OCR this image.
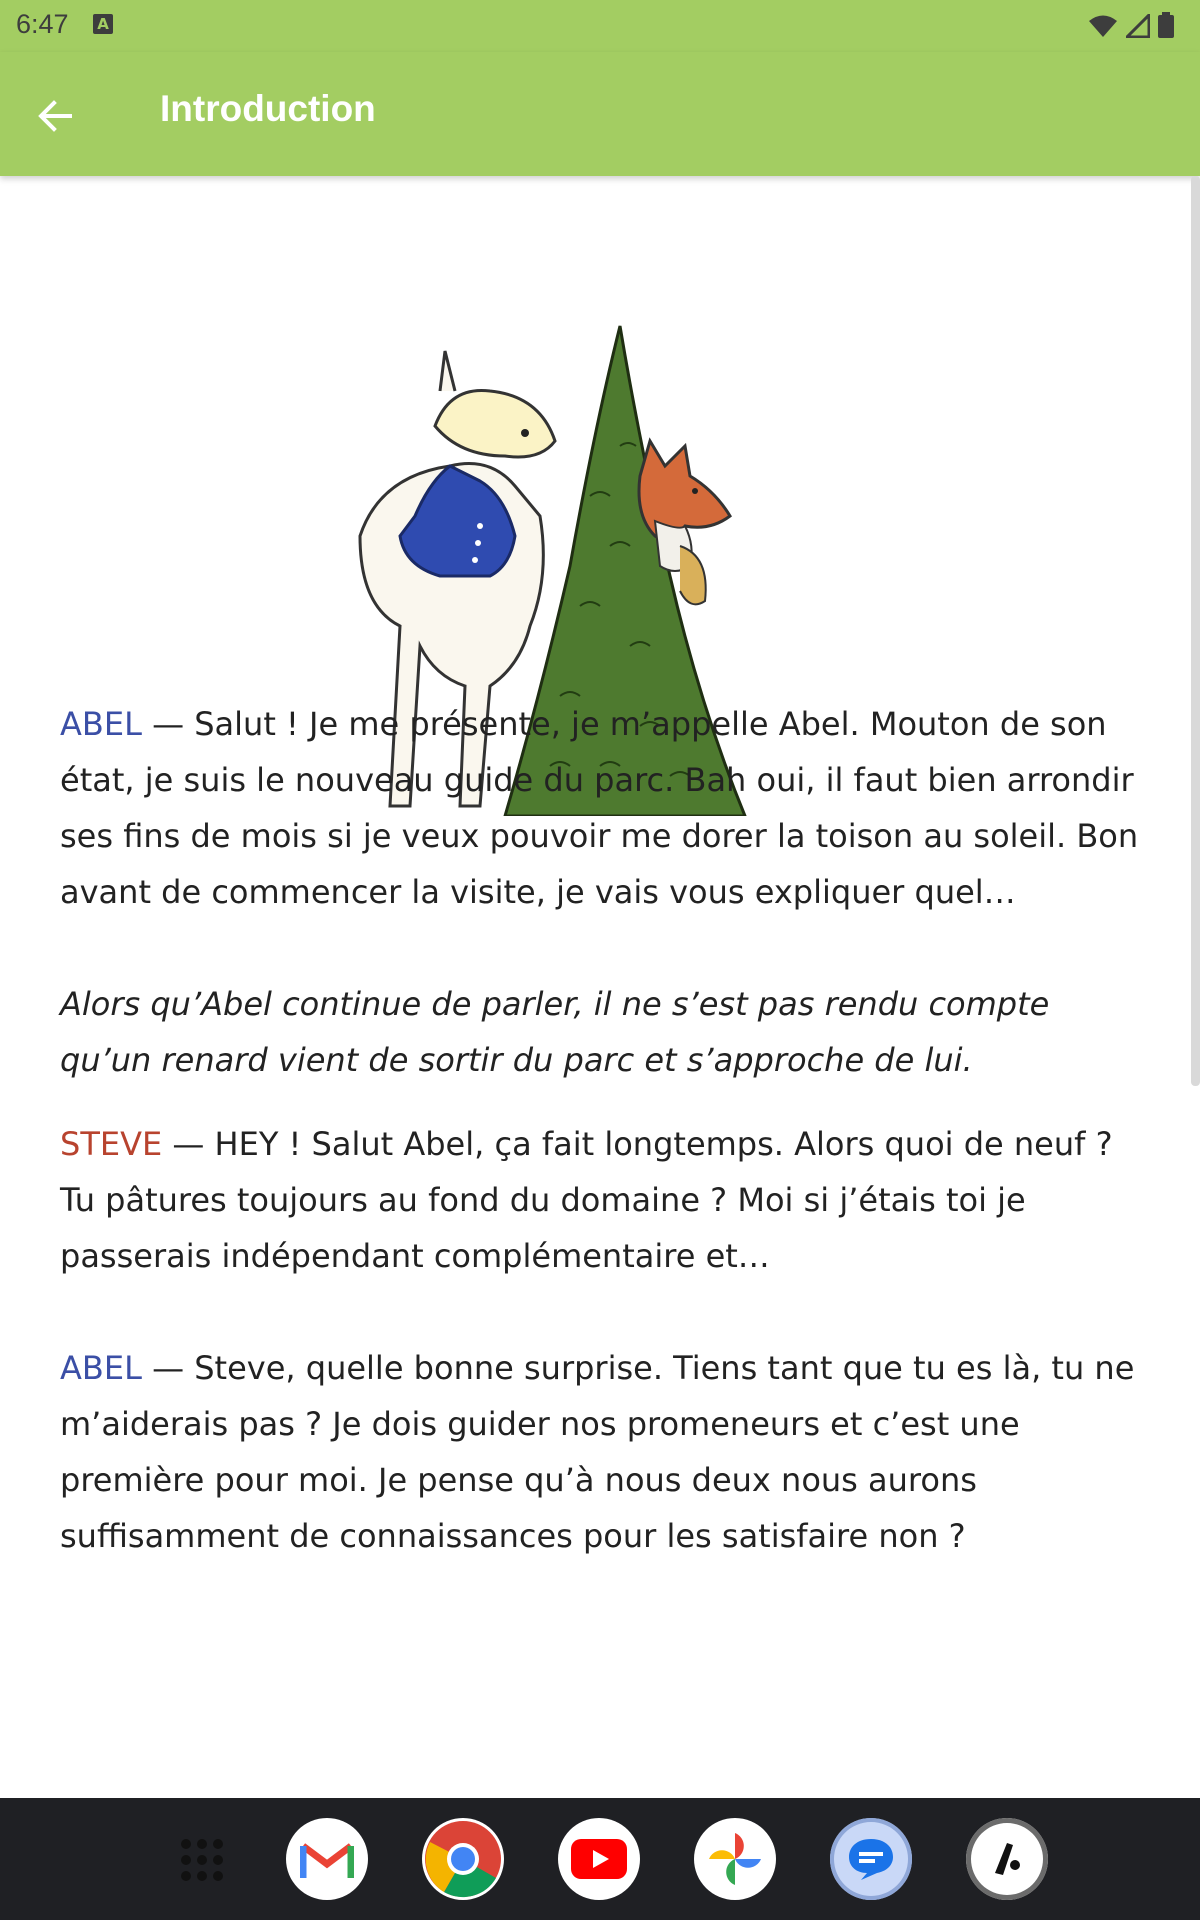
6:47 A
Introduction

ABEL — Salut ! Je me présente, je m’appelle Abel. Mouton de son état, je suis le nouveau guide du parc. Bah oui, il faut bien arrondir ses fins de mois si je veux pouvoir me dorer la toison au soleil. Bon avant de commencer la visite, je vais vous expliquer quel…

Alors qu’Abel continue de parler, il ne s’est pas rendu compte qu’un renard vient de sortir du parc et s’approche de lui.

STEVE — HEY ! Salut Abel, ça fait longtemps. Alors quoi de neuf ? Tu pâtures toujours au fond du domaine ? Moi si j’étais toi je passerais indépendant complémentaire et…

ABEL — Steve, quelle bonne surprise. Tiens tant que tu es là, tu ne m’aiderais pas ? Je dois guider nos promeneurs et c’est une première pour moi. Je pense qu’à nous deux nous aurons suffisamment de connaissances pour les satisfaire non ?
